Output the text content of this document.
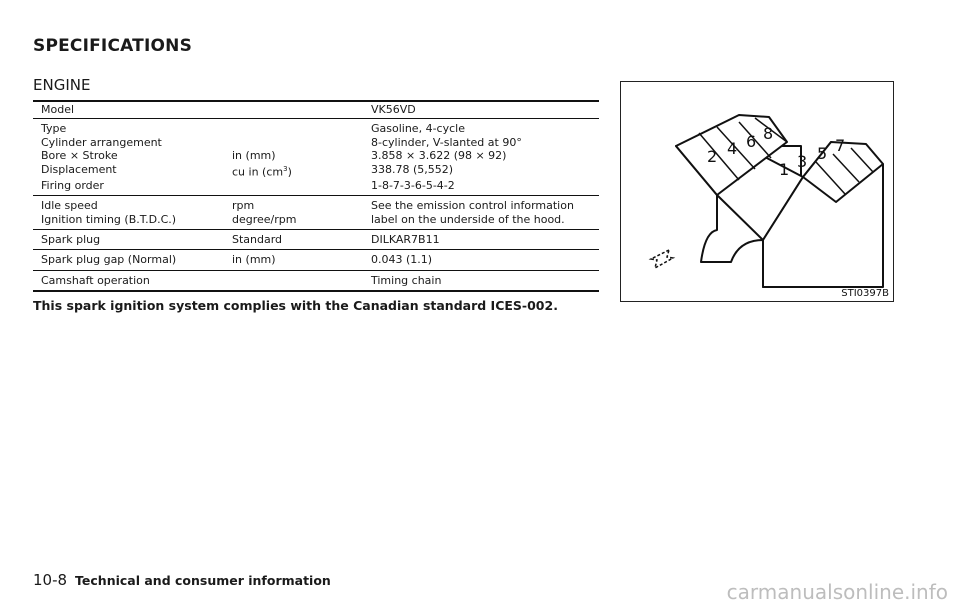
SPECIFICATIONS
ENGINE
Model		VK56VD
Type		Gasoline, 4-cycle
Cylinder arrangement		8-cylinder, V-slanted at 90°
Bore × Stroke	in (mm)	3.858 × 3.622 (98 × 92)
Displacement	cu in $(cm^3)$	338.78 (5,552)
Firing order		1-8-7-3-6-5-4-2
Idle speed	rpm	See the emission control information
Ignition timing (B.T.D.C.)	degree/rpm	label on the underside of the hood.
Spark plug	Standard	DILKAR7B11
Spark plug gap (Normal)	in (mm)	0.043 (1.1)
Camshaft operation		Timing chain
This spark ignition system complies with the Canadian standard ICES-002.
2 4 6 8
1 3 5 7
STI0397B
10-8 Technical and consumer information	carmanualsonline.info
